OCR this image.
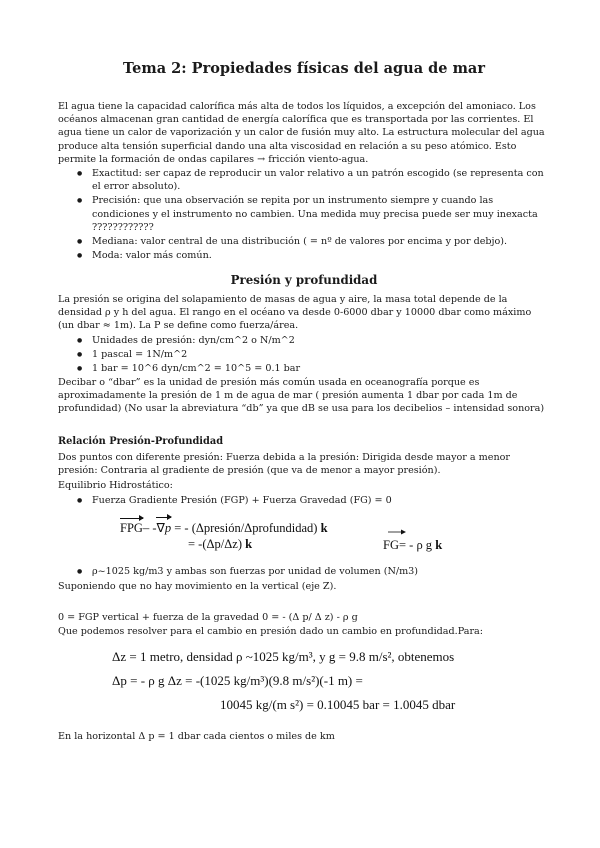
Tema 2: Propiedades físicas del agua de mar

El agua tiene la capacidad calorífica más alta de todos los líquidos, a excepción del amoniaco. Los océanos almacenan gran cantidad de energía calorífica que es transportada por las corrientes. El agua tiene un calor de vaporización y un calor de fusión muy alto. La estructura molecular del agua produce alta tensión superficial dando una alta viscosidad en relación a su peso atómico. Esto permite la formación de ondas capilares → fricción viento-agua.

● Exactitud: ser capaz de reproducir un valor relativo a un patrón escogido (se representa con el error absoluto).
● Precisión: que una observación se repita por un instrumento siempre y cuando las condiciones y el instrumento no cambien. Una medida muy precisa puede ser muy inexacta ????????????
● Mediana: valor central de una distribución ( = nº de valores por encima y por debjo).
● Moda: valor más común.
Presión y profundidad

La presión se origina del solapamiento de masas de agua y aire, la masa total depende de la densidad ρ y h del agua. El rango en el océano va desde 0-6000 dbar y 10000 dbar como máximo (un dbar ≈ 1m). La P se define como fuerza/área.

● Unidades de presión: dyn/cm^2 o N/m^2
● 1 pascal = 1N/m^2
● 1 bar = 10^6 dyn/cm^2 = 10^5 = 0.1 bar

Decibar o “dbar” es la unidad de presión más común usada en oceanografía porque es aproximadamente la presión de 1 m de agua de mar ( presión aumenta 1 dbar por cada 1m de profundidad) (No usar la abreviatura “db” ya que dB se usa para los decibelios – intensidad sonora)

Relación Presión-Profundidad

Dos puntos con diferente presión: Fuerza debida a la presión: Dirigida desde mayor a menor presión: Contraria al gradiente de presión (que va de menor a mayor presión).

Equilibrio Hidrostático:

● Fuerza Gradiente Presión (FGP) + Fuerza Gravedad (FG) = 0
FPG– -∇p = - (Δpresión/Δprofundidad) k
= -(Δp/Δz) k	FG= - ρ g k
● ρ~1025 kg/m3 y ambas son fuerzas por unidad de volumen (N/m3)

Suponiendo que no hay movimiento en la vertical (eje Z).

0 = FGP vertical + fuerza de la gravedad 0 = - (Δ p/ Δ z) - ρ g

Que podemos resolver para el cambio en presión dado un cambio en profundidad.Para:

Δz = 1 metro, densidad ρ ~1025 kg/m³, y g = 9.8 m/s², obtenemos
Δp = - ρ g Δz = -(1025 kg/m³)(9.8 m/s²)(-1 m) =
10045 kg/(m s²) = 0.10045 bar = 1.0045 dbar

En la horizontal Δ p = 1 dbar cada cientos o miles de km
